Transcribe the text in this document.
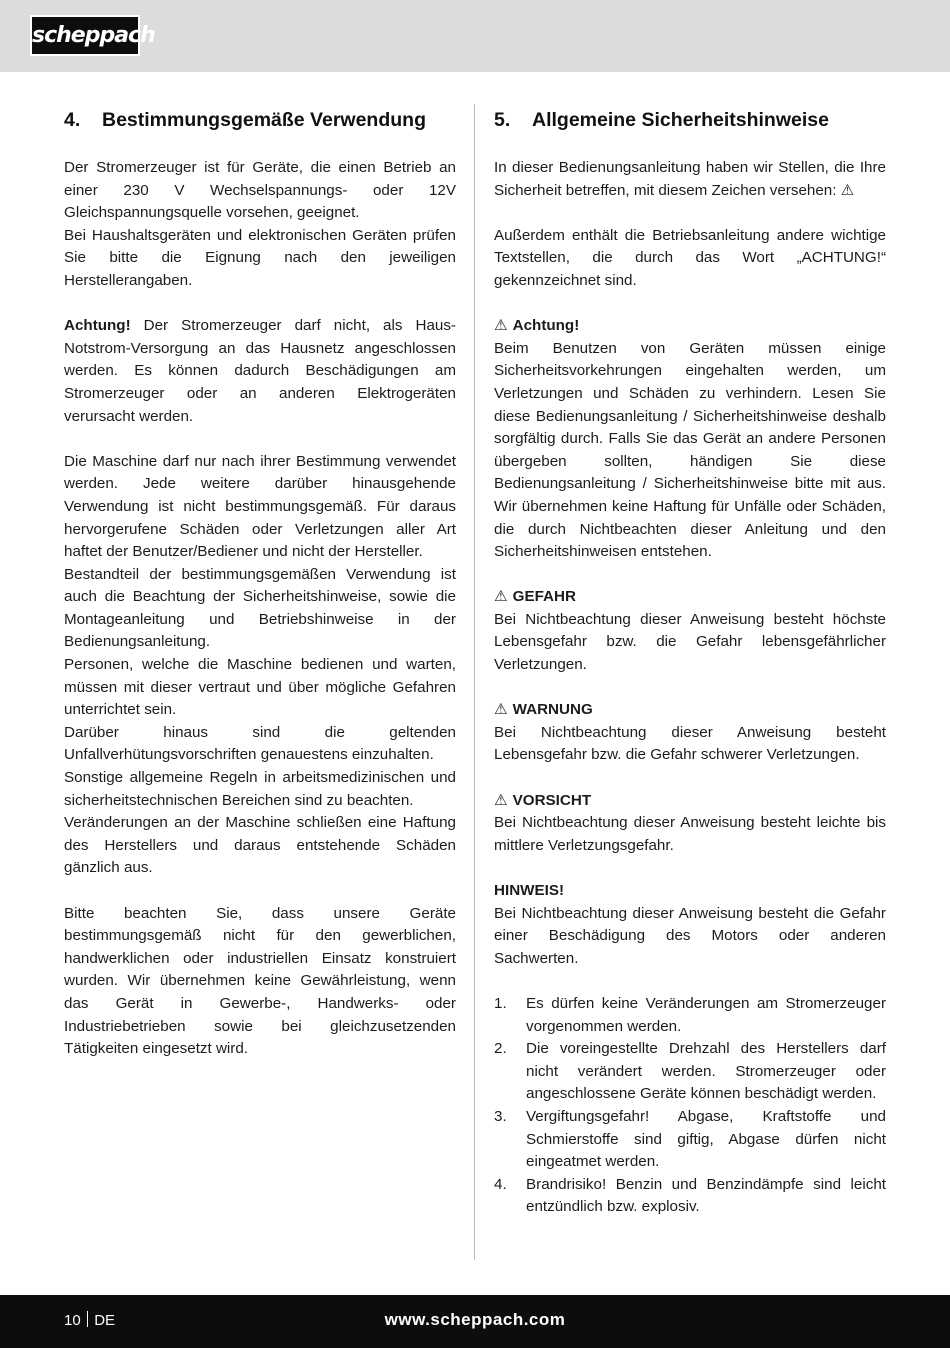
scheppach
4. Bestimmungsgemäße Verwendung

Der Stromerzeuger ist für Geräte, die einen Betrieb an einer 230 V Wechselspannungs- oder 12V Gleichspannungsquelle vorsehen, geeignet.

Bei Haushaltsgeräten und elektronischen Geräten prüfen Sie bitte die Eignung nach den jeweiligen Herstellerangaben.

Achtung! Der Stromerzeuger darf nicht, als Haus-Notstrom-Versorgung an das Hausnetz angeschlossen werden. Es können dadurch Beschädigungen am Stromerzeuger oder an anderen Elektrogeräten verursacht werden.

Die Maschine darf nur nach ihrer Bestimmung verwendet werden. Jede weitere darüber hinausgehende Verwendung ist nicht bestimmungsgemäß. Für daraus hervorgerufene Schäden oder Verletzungen aller Art haftet der Benutzer/Bediener und nicht der Hersteller.

Bestandteil der bestimmungsgemäßen Verwendung ist auch die Beachtung der Sicherheitshinweise, sowie die Montageanleitung und Betriebshinweise in der Bedienungsanleitung.

Personen, welche die Maschine bedienen und warten, müssen mit dieser vertraut und über mögliche Gefahren unterrichtet sein.

Darüber hinaus sind die geltenden Unfallverhütungsvorschriften genauestens einzuhalten.

Sonstige allgemeine Regeln in arbeitsmedizinischen und sicherheitstechnischen Bereichen sind zu beachten.

Veränderungen an der Maschine schließen eine Haftung des Herstellers und daraus entstehende Schäden gänzlich aus.

Bitte beachten Sie, dass unsere Geräte bestimmungsgemäß nicht für den gewerblichen, handwerklichen oder industriellen Einsatz konstruiert wurden. Wir übernehmen keine Gewährleistung, wenn das Gerät in Gewerbe-, Handwerks- oder Industriebetrieben sowie bei gleichzusetzenden Tätigkeiten eingesetzt wird.

5. Allgemeine Sicherheitshinweise

In dieser Bedienungsanleitung haben wir Stellen, die Ihre Sicherheit betreffen, mit diesem Zeichen versehen: ⚠

Außerdem enthält die Betriebsanleitung andere wichtige Textstellen, die durch das Wort „ACHTUNG!“ gekennzeichnet sind.

⚠ Achtung!

Beim Benutzen von Geräten müssen einige Sicherheitsvorkehrungen eingehalten werden, um Verletzungen und Schäden zu verhindern. Lesen Sie diese Bedienungsanleitung / Sicherheitshinweise deshalb sorgfältig durch. Falls Sie das Gerät an andere Personen übergeben sollten, händigen Sie diese Bedienungsanleitung / Sicherheitshinweise bitte mit aus. Wir übernehmen keine Haftung für Unfälle oder Schäden, die durch Nichtbeachten dieser Anleitung und den Sicherheitshinweisen entstehen.

⚠ GEFAHR

Bei Nichtbeachtung dieser Anweisung besteht höchste Lebensgefahr bzw. die Gefahr lebensgefährlicher Verletzungen.

⚠ WARNUNG

Bei Nichtbeachtung dieser Anweisung besteht Lebensgefahr bzw. die Gefahr schwerer Verletzungen.

⚠ VORSICHT

Bei Nichtbeachtung dieser Anweisung besteht leichte bis mittlere Verletzungsgefahr.

HINWEIS!

Bei Nichtbeachtung dieser Anweisung besteht die Gefahr einer Beschädigung des Motors oder anderen Sachwerten.

1.	Es dürfen keine Veränderungen am Stromerzeuger vorgenommen werden.
2.	Die voreingestellte Drehzahl des Herstellers darf nicht verändert werden. Stromerzeuger oder angeschlossene Geräte können beschädigt werden.
3.	Vergiftungsgefahr! Abgase, Kraftstoffe und Schmierstoffe sind giftig, Abgase dürfen nicht eingeatmet werden.
4.	Brandrisiko! Benzin und Benzindämpfe sind leicht entzündlich bzw. explosiv.
10 DE	www.scheppach.com
